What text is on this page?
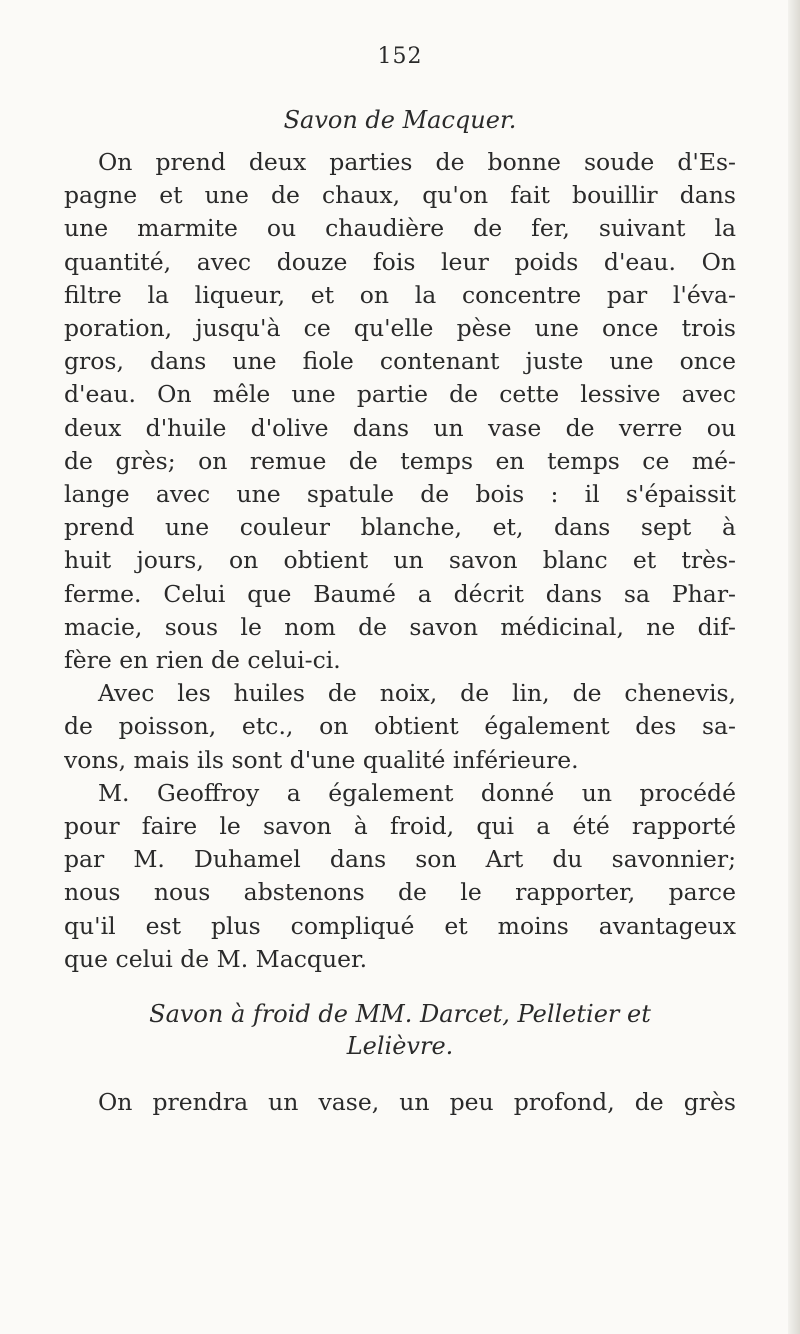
152

Savon de Macquer.

On prend deux parties de bonne soude d'Es-
pagne et une de chaux, qu'on fait bouillir dans
une marmite ou chaudière de fer, suivant la
quantité, avec douze fois leur poids d'eau. On
filtre la liqueur, et on la concentre par l'éva-
poration, jusqu'à ce qu'elle pèse une once trois
gros, dans une fiole contenant juste une once
d'eau. On mêle une partie de cette lessive avec
deux d'huile d'olive dans un vase de verre ou
de grès; on remue de temps en temps ce mé-
lange avec une spatule de bois : il s'épaissit
prend une couleur blanche, et, dans sept à
huit jours, on obtient un savon blanc et très-
ferme. Celui que Baumé a décrit dans sa Phar-
macie, sous le nom de savon médicinal, ne dif-
fère en rien de celui-ci.
Avec les huiles de noix, de lin, de chenevis,
de poisson, etc., on obtient également des sa-
vons, mais ils sont d'une qualité inférieure.
M. Geoffroy a également donné un procédé
pour faire le savon à froid, qui a été rapporté
par M. Duhamel dans son Art du savonnier;
nous nous abstenons de le rapporter, parce
qu'il est plus compliqué et moins avantageux
que celui de M. Macquer.

Savon à froid de MM. Darcet, Pelletier et

Lelièvre.

On prendra un vase, un peu profond, de grès
